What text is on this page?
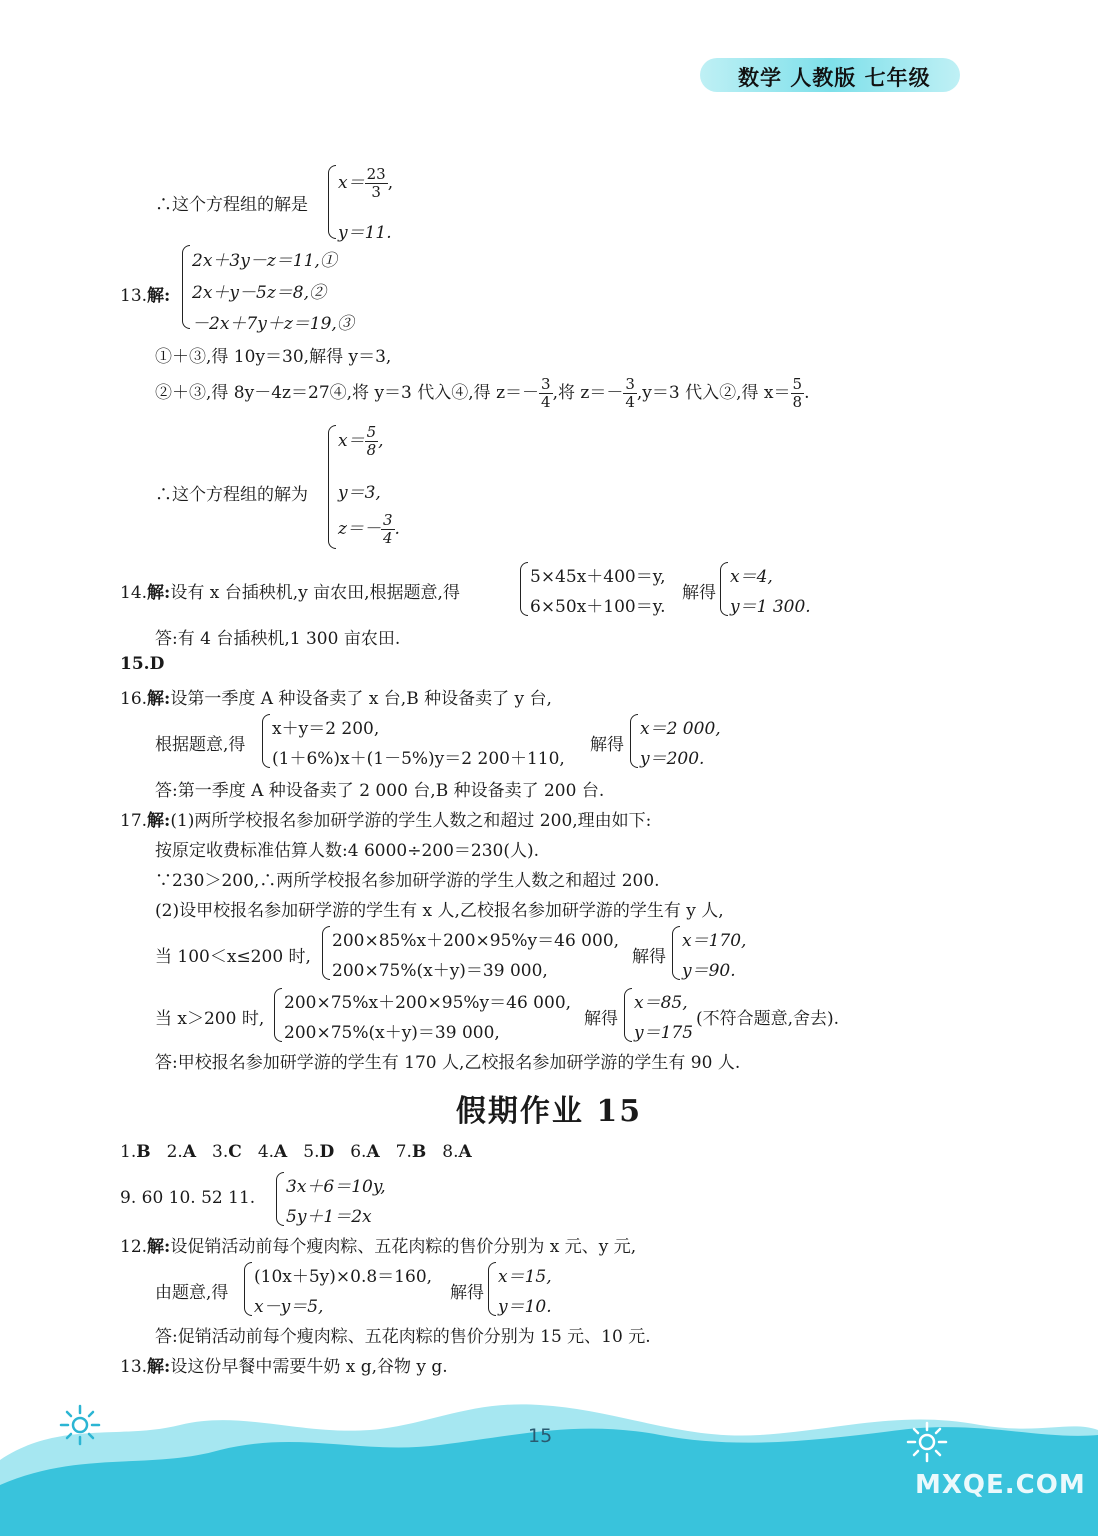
数学 人教版 七年级
∴这个方程组的解是
$x= \frac{23}{3}$ ,
y＝11.
13.解:
2x＋3y－z＝11,①
2x＋y－5z＝8,②
－2x＋7y＋z＝19,③
①＋③,得 10y＝30,解得 y＝3,
②＋③,得 8y－4z＝27④,将 y＝3 代入④,得 $z=- \frac{3}{4}$ ,将 $z=- \frac{3}{4} ,y=3$ 代入②,得 $x= \frac{5}{8}$ .
∴这个方程组的解为
$x= \frac{5}{8}$ ,
y＝3,
$z=- \frac{3}{4}$ .
14.解:设有 x 台插秧机,y 亩农田,根据题意,得
5×45x＋400＝y,
6×50x＋100＝y.
解得
x＝4,
y＝1 300.
答:有 4 台插秧机,1 300 亩农田.
15.D
16.解:设第一季度 A 种设备卖了 x 台,B 种设备卖了 y 台,
根据题意,得
x＋y＝2 200,
(1＋6%)x＋(1－5%)y＝2 200＋110,
解得
x＝2 000,
y＝200.
答:第一季度 A 种设备卖了 2 000 台,B 种设备卖了 200 台.
17.解:(1)两所学校报名参加研学游的学生人数之和超过 200,理由如下:
按原定收费标准估算人数:4 6000÷200＝230(人).
∵230＞200,∴两所学校报名参加研学游的学生人数之和超过 200.
(2)设甲校报名参加研学游的学生有 x 人,乙校报名参加研学游的学生有 y 人,
当 100＜x≤200 时,
200×85%x＋200×95%y＝46 000,
200×75%(x＋y)＝39 000,
解得
x＝170,
y＝90.
当 x＞200 时,
200×75%x＋200×95%y＝46 000,
200×75%(x＋y)＝39 000,
解得
x＝85,
y＝175
(不符合题意,舍去).
答:甲校报名参加研学游的学生有 170 人,乙校报名参加研学游的学生有 90 人.
假期作业 15
1.B 2.A 3.C 4.A 5.D 6.A 7.B 8.A
9. 60 10. 52 11.
3x＋6＝10y,
5y＋1＝2x
12.解:设促销活动前每个瘦肉粽、五花肉粽的售价分别为 x 元、y 元,
由题意,得
(10x＋5y)×0.8＝160,
x－y＝5,
解得
x＝15,
y＝10.
答:促销活动前每个瘦肉粽、五花肉粽的售价分别为 15 元、10 元.
13.解:设这份早餐中需要牛奶 x g,谷物 y g.
15
MXQE.COM
